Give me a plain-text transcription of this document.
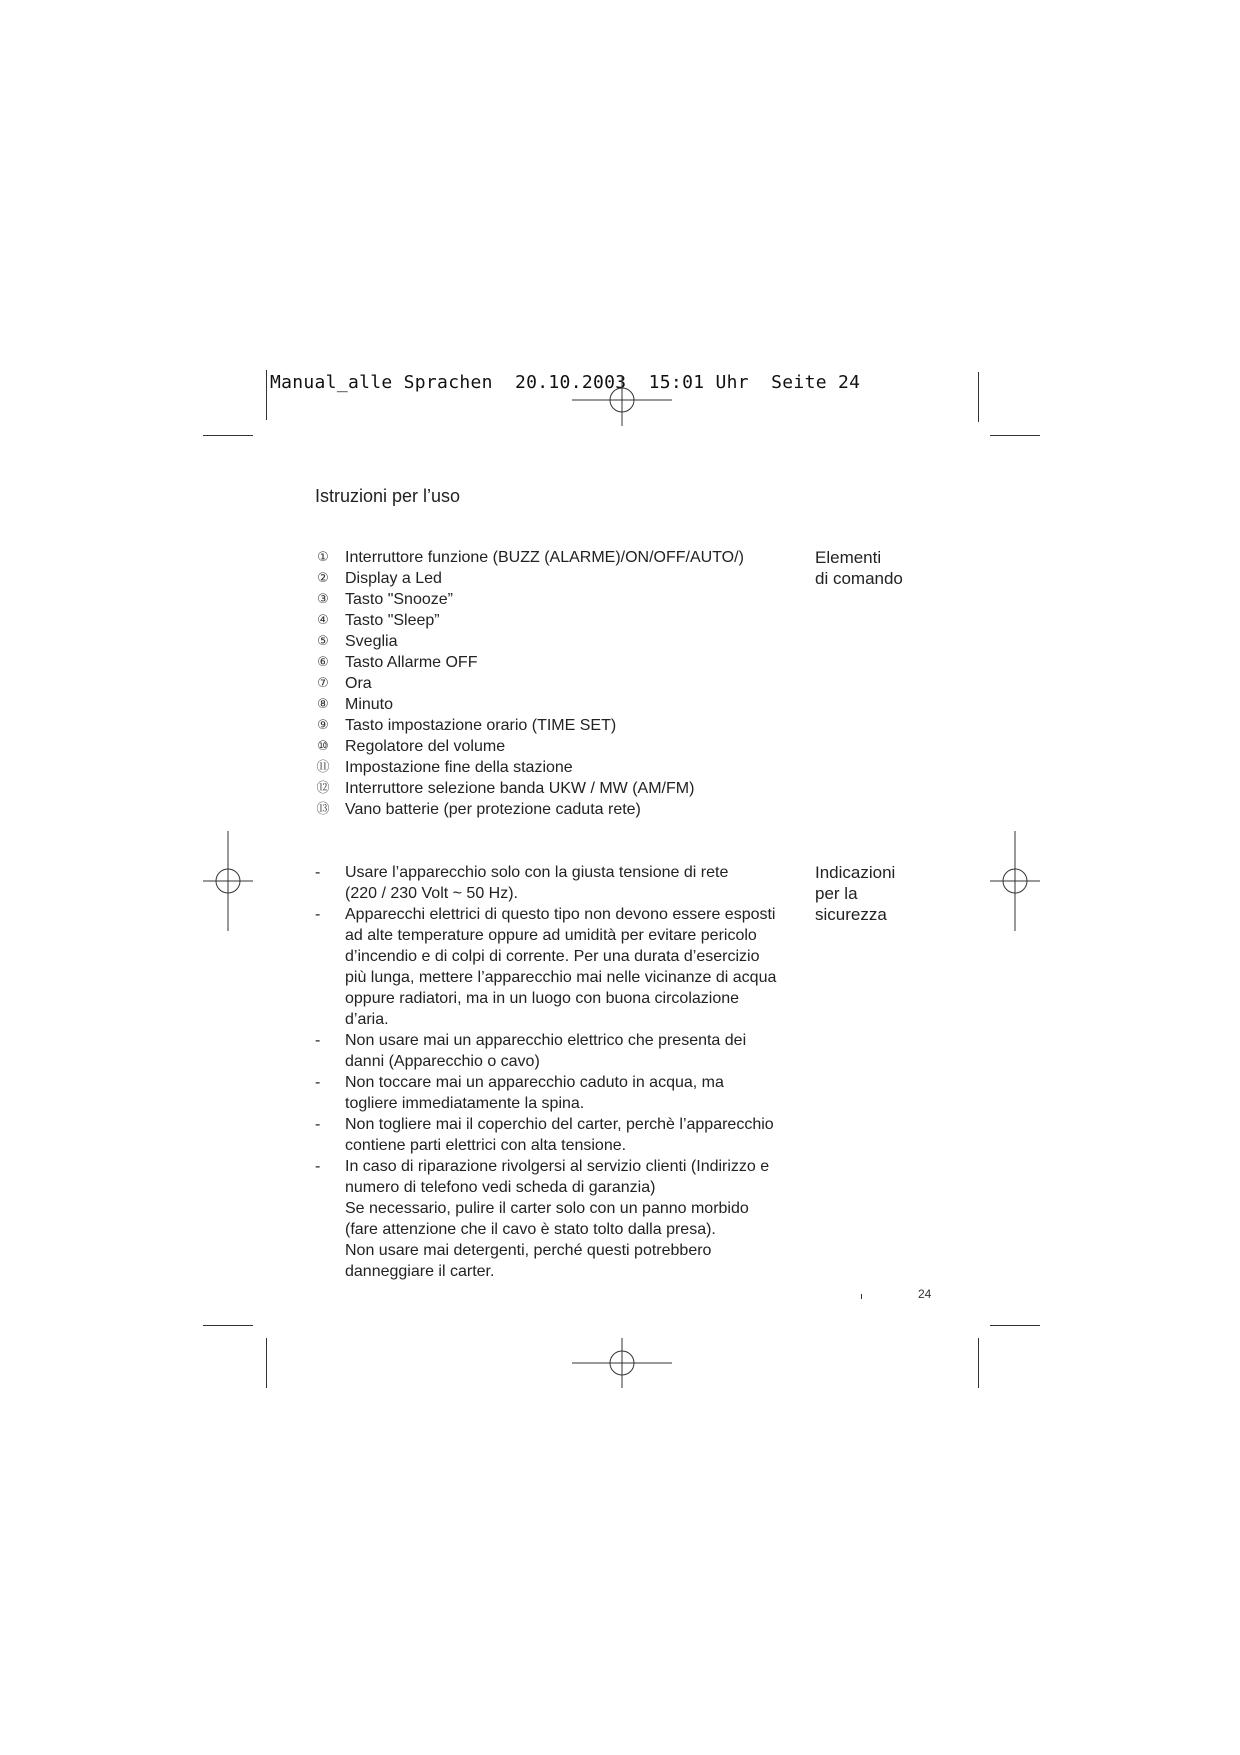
Manual_alle Sprachen  20.10.2003  15:01 Uhr  Seite 24
Istruzioni per l’uso
① Interruttore funzione (BUZZ (ALARME)/ON/OFF/AUTO/)
② Display a Led
③ Tasto "Snooze”
④ Tasto "Sleep”
⑤ Sveglia
⑥ Tasto Allarme OFF
⑦ Ora
⑧ Minuto
⑨ Tasto impostazione orario (TIME SET)
⑩ Regolatore del volume
⑪ Impostazione fine della stazione
⑫ Interruttore selezione banda UKW / MW (AM/FM)
⑬ Vano batterie (per protezione caduta rete)
Elementi
di comando
Indicazioni
per la
sicurezza
-	Usare l’apparecchio solo con la giusta tensione di rete
(220 / 230 Volt ~ 50 Hz).
-	Apparecchi elettrici di questo tipo non devono essere esposti
ad alte temperature oppure ad umidità per evitare pericolo
d’incendio e di colpi di corrente. Per una durata d’esercizio
più lunga, mettere l’apparecchio mai nelle vicinanze di acqua
oppure radiatori, ma in un luogo con buona circolazione
d’aria.
-	Non usare mai un apparecchio elettrico che presenta dei
danni (Apparecchio o cavo)
-	Non toccare mai un apparecchio caduto in acqua, ma
togliere immediatamente la spina.
-	Non togliere mai il coperchio del carter, perchè l’apparecchio
contiene parti elettrici con alta tensione.
-	In caso di riparazione rivolgersi al servizio clienti (Indirizzo e
numero di telefono vedi scheda di garanzia)
Se necessario, pulire il carter solo con un panno morbido
(fare attenzione che il cavo è stato tolto dalla presa).
Non usare mai detergenti, perché questi potrebbero
danneggiare il carter.
24
